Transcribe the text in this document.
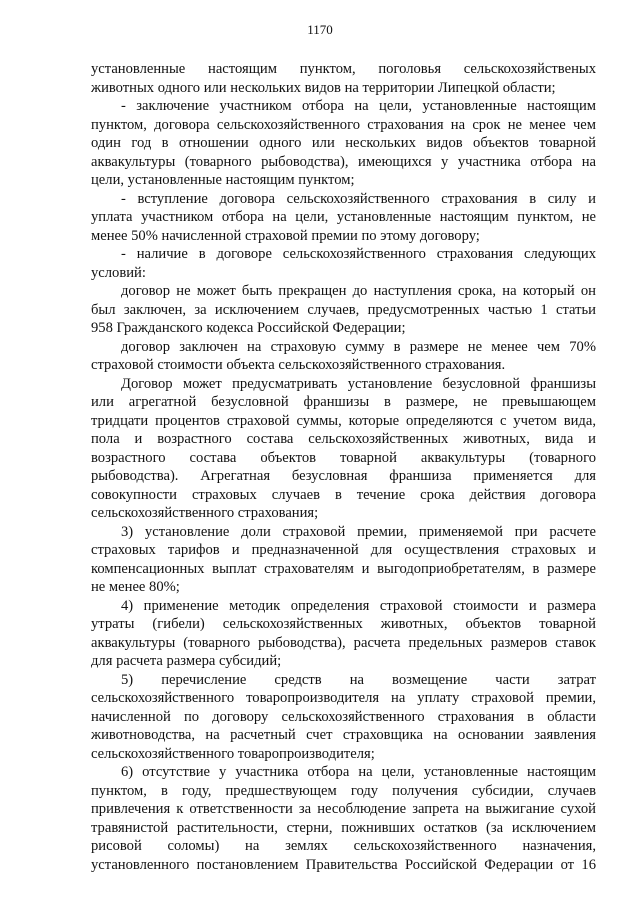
1170
установленные настоящим пунктом, поголовья сельскохозяйственых
животных одного или нескольких видов на территории Липецкой области;
- заключение участником отбора на цели, установленные настоящим
пунктом, договора сельскохозяйственного страхования на срок не менее чем
один год в отношении одного или нескольких видов объектов товарной
аквакультуры (товарного рыбоводства), имеющихся у участника отбора на
цели, установленные настоящим пунктом;
- вступление договора сельскохозяйственного страхования в силу и
уплата участником отбора на цели, установленные настоящим пунктом, не
менее 50% начисленной страховой премии по этому договору;
- наличие в договоре сельскохозяйственного страхования следующих
условий:
договор не может быть прекращен до наступления срока, на который он
был заключен, за исключением случаев, предусмотренных частью 1 статьи
958 Гражданского кодекса Российской Федерации;
договор заключен на страховую сумму в размере не менее чем 70%
страховой стоимости объекта сельскохозяйственного страхования.
Договор может предусматривать установление безусловной франшизы
или агрегатной безусловной франшизы в размере, не превышающем
тридцати процентов страховой суммы, которые определяются с учетом вида,
пола и возрастного состава сельскохозяйственных животных, вида и
возрастного состава объектов товарной аквакультуры (товарного
рыбоводства). Агрегатная безусловная франшиза применяется для
совокупности страховых случаев в течение срока действия договора
сельскохозяйственного страхования;
3) установление доли страховой премии, применяемой при расчете
страховых тарифов и предназначенной для осуществления страховых и
компенсационных выплат страхователям и выгодоприобретателям, в размере
не менее 80%;
4) применение методик определения страховой стоимости и размера
утраты (гибели) сельскохозяйственных животных, объектов товарной
аквакультуры (товарного рыбоводства), расчета предельных размеров ставок
для расчета размера субсидий;
5) перечисление средств на возмещение части затрат
сельскохозяйственного товаропроизводителя на уплату страховой премии,
начисленной по договору сельскохозяйственного страхования в области
животноводства, на расчетный счет страховщика на основании заявления
сельскохозяйственного товаропроизводителя;
6) отсутствие у участника отбора на цели, установленные настоящим
пунктом, в году, предшествующем году получения субсидии, случаев
привлечения к ответственности за несоблюдение запрета на выжигание сухой
травянистой растительности, стерни, пожнивших остатков (за исключением
рисовой соломы) на землях сельскохозяйственного назначения,
установленного постановлением Правительства Российской Федерации от 16
